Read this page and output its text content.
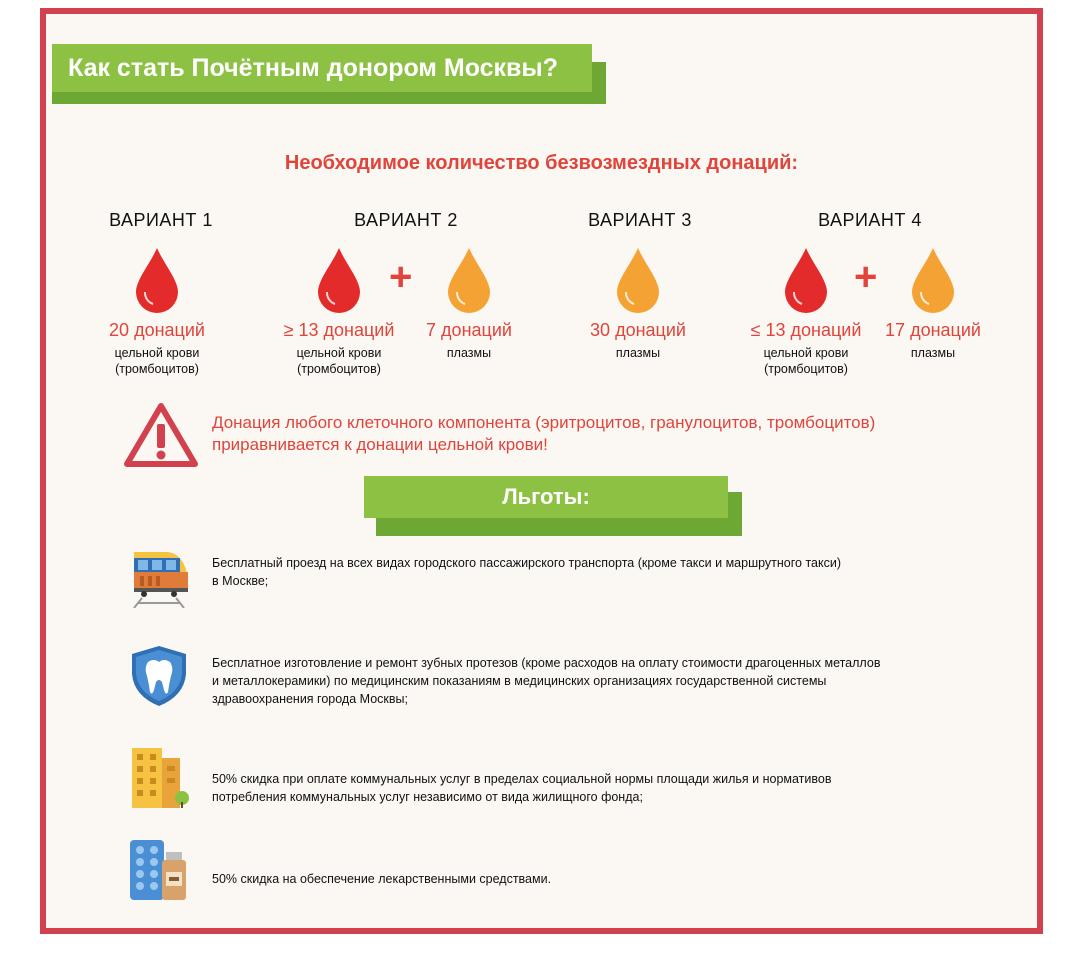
Как стать Почётным донором Москвы?
Необходимое количество безвозмездных донаций:
ВАРИАНТ 1
20 донаций
цельной крови
(тромбоцитов)
ВАРИАНТ 2
+
≥ 13 донаций
цельной крови
(тромбоцитов)
7 донаций
плазмы
ВАРИАНТ 3
30 донаций
плазмы
ВАРИАНТ 4
+
≤ 13 донаций
цельной крови
(тромбоцитов)
17 донаций
плазмы
Донация любого клеточного компонента (эритроцитов, гранулоцитов, тромбоцитов)
приравнивается к донации цельной крови!
Льготы:
Бесплатный проезд на всех видах городского пассажирского транспорта (кроме такси и маршрутного такси)
в Москве;
Бесплатное изготовление и ремонт зубных протезов (кроме расходов на оплату стоимости драгоценных металлов
и металлокерамики) по медицинским показаниям в медицинских организациях государственной системы
здравоохранения города Москвы;
50% скидка при оплате коммунальных услуг в пределах социальной нормы площади жилья и нормативов
потребления коммунальных услуг независимо от вида жилищного фонда;
50% скидка на обеспечение лекарственными средствами.
